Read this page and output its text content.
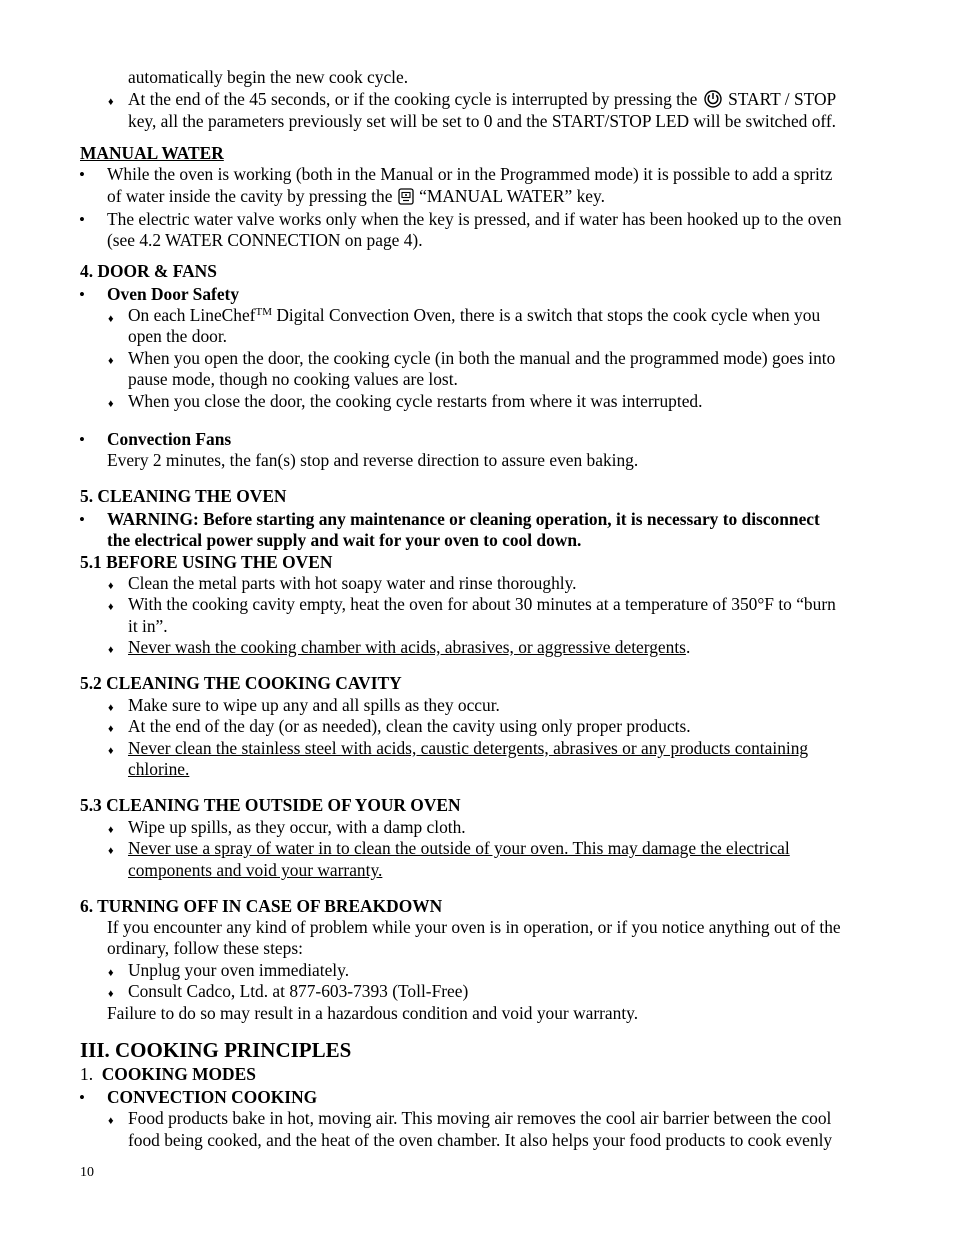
automatically begin the new cook cycle.
♦ At the end of the 45 seconds, or if the cooking cycle is interrupted by pressing the START / STOP
key, all the parameters previously set will be set to 0 and the START/STOP LED will be switched off.
MANUAL WATER
• While the oven is working (both in the Manual or in the Programmed mode) it is possible to add a spritz
of water inside the cavity by pressing the “MANUAL WATER” key.
• The electric water valve works only when the key is pressed, and if water has been hooked up to the oven
(see 4.2 WATER CONNECTION on page 4).
4. DOOR & FANS
• Oven Door Safety
♦ On each LineChef™ Digital Convection Oven, there is a switch that stops the cook cycle when you
open the door.
♦ When you open the door, the cooking cycle (in both the manual and the programmed mode) goes into
pause mode, though no cooking values are lost.
♦ When you close the door, the cooking cycle restarts from where it was interrupted.
• Convection Fans
Every 2 minutes, the fan(s) stop and reverse direction to assure even baking.
5. CLEANING THE OVEN
• WARNING: Before starting any maintenance or cleaning operation, it is necessary to disconnect
the electrical power supply and wait for your oven to cool down.
5.1 BEFORE USING THE OVEN
♦ Clean the metal parts with hot soapy water and rinse thoroughly.
♦ With the cooking cavity empty, heat the oven for about 30 minutes at a temperature of 350°F to “burn
it in”.
♦ Never wash the cooking chamber with acids, abrasives, or aggressive detergents.
5.2 CLEANING THE COOKING CAVITY
♦ Make sure to wipe up any and all spills as they occur.
♦ At the end of the day (or as needed), clean the cavity using only proper products.
♦ Never clean the stainless steel with acids, caustic detergents, abrasives or any products containing
chlorine.
5.3 CLEANING THE OUTSIDE OF YOUR OVEN
♦ Wipe up spills, as they occur, with a damp cloth.
♦ Never use a spray of water in to clean the outside of your oven. This may damage the electrical
components and void your warranty.
6. TURNING OFF IN CASE OF BREAKDOWN
If you encounter any kind of problem while your oven is in operation, or if you notice anything out of the
ordinary, follow these steps:
♦ Unplug your oven immediately.
♦ Consult Cadco, Ltd. at 877-603-7393 (Toll-Free)
Failure to do so may result in a hazardous condition and void your warranty.
III. COOKING PRINCIPLES
1. COOKING MODES
• CONVECTION COOKING
♦ Food products bake in hot, moving air. This moving air removes the cool air barrier between the cool
food being cooked, and the heat of the oven chamber. It also helps your food products to cook evenly
10
